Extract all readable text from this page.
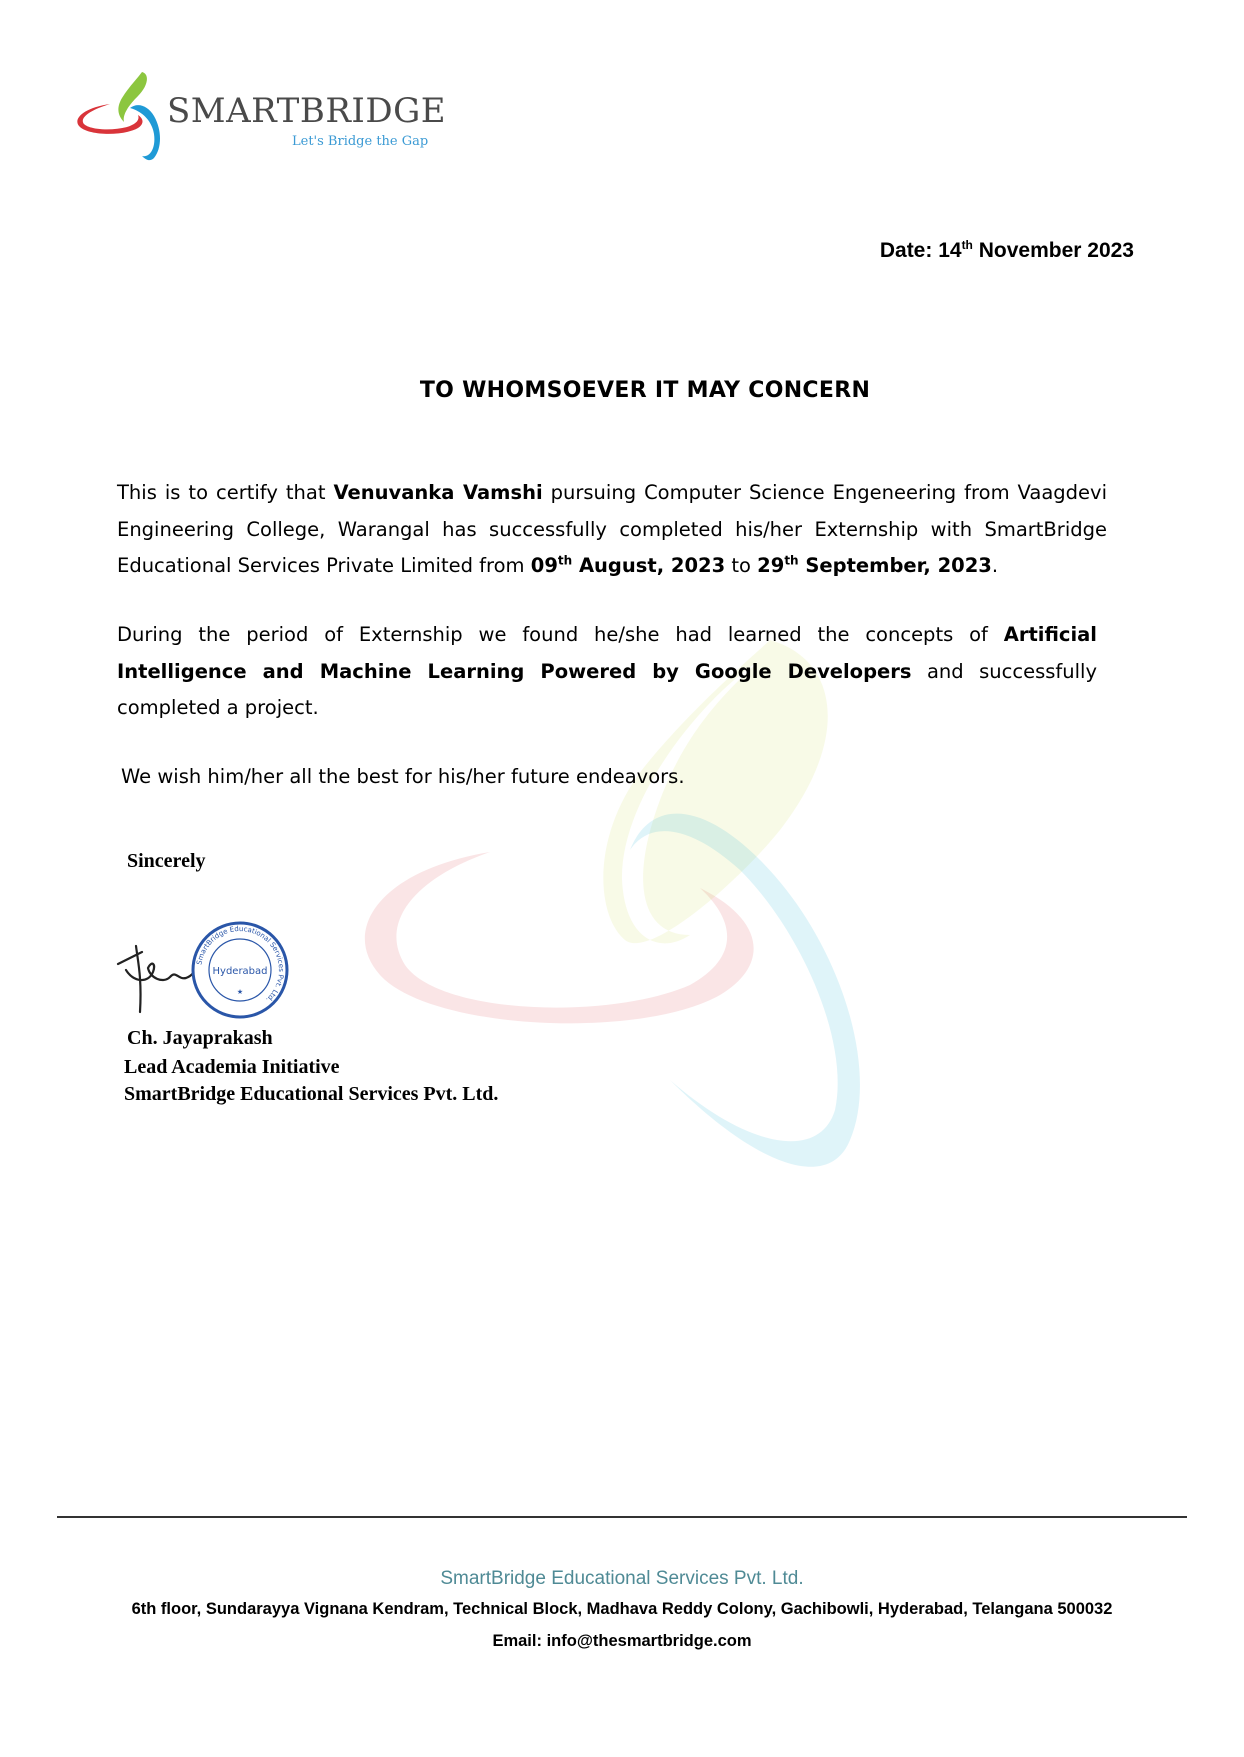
SMARTBRIDGE
Let's Bridge the Gap
Date: 14th November 2023
TO WHOMSOEVER IT MAY CONCERN
This is to certify that Venuvanka Vamshi pursuing Computer Science Engeneering from Vaagdevi Engineering College, Warangal has successfully completed his/her Externship with SmartBridge Educational Services Private Limited from 09th August, 2023 to 29th September, 2023.
During the period of Externship we found he/she had learned the concepts of Artificial Intelligence and Machine Learning Powered by Google Developers and successfully completed a project.
We wish him/her all the best for his/her future endeavors.
Sincerely
SmartBridge Educational Services Pvt. Ltd.
Hyderabad
★
Ch. Jayaprakash
Lead Academia Initiative
SmartBridge Educational Services Pvt. Ltd.
SmartBridge Educational Services Pvt. Ltd.
6th floor, Sundarayya Vignana Kendram, Technical Block, Madhava Reddy Colony, Gachibowli, Hyderabad, Telangana 500032
Email: info@thesmartbridge.com
